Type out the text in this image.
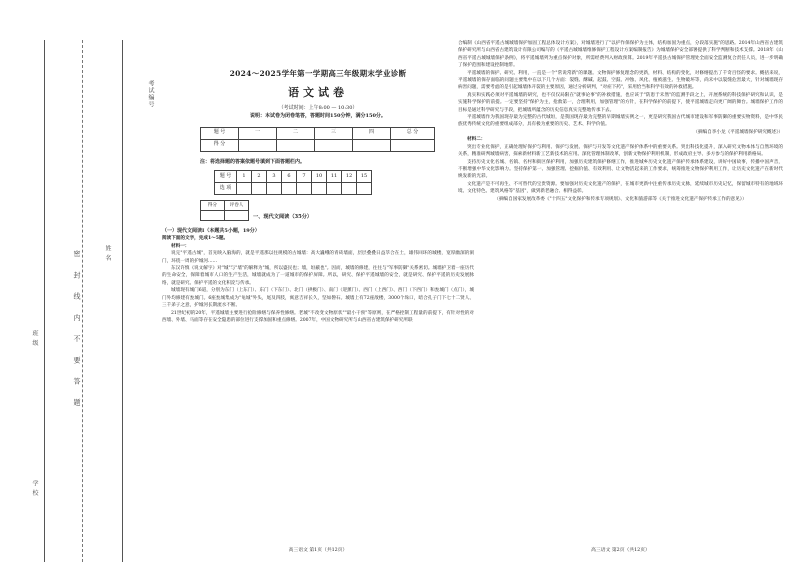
考试编号
密 封 线 内 不 要 答 题	姓 名
班 级
学 校
2024～2025学年第一学期高三年级期末学业诊断
语文试卷
（考试时间：上午8:00 — 10:30）
说明：本试卷为闭卷笔答，答题时间150分钟，满分150分。
题 号	一	二	三	四	总 分
得 分					
注：将选择题的答案依题号填到下面答题栏内。
题 号	1	2	3	6	7	10	11	12	15
选 项									
得分	评卷人

一、现代文阅读（35分）
（一）现代文阅读Ⅰ（本题共5小题，19分）
阅读下面的文字，完成1～5题。
材料一：

说完"平遥古城"，首先映入脑海的，就是平遥那以往规模的古城墙：高大巍峨的青砖墙面，层层叠叠日益萃合在土，雄伟回环的城楼，宽厚幽深的洞门，环绕一周的护城河……

东汉许慎《说文解字》对"城"与"墙"的解释为"城，所以盛民也；墙，垣蔽也"。因而，城墙的修建，往往与"军事防御"关系密切。城墙护卫着一座历代的生命安全，保障着城市人口的生产生活，城墙就成为了一道城市的保护屏障。所以，研究、保护平遥城墙的安全，就是研究、保护平遥的历史发展脉络，就是研究、保护平遥的文化积淀与传承。

城墙现有城门6道，分别为东门（上东门）、东门（下东门）、北门（拱极门）、南门（迎薰门）、西门（上西门）、西门（下西门）和瓮城门（点门），城门外均修建有瓮城门。6座瓮城集成为"龟城"外头，尾及四肢，寓意吉祥长久，坚如磐石。城墙上有72座敌楼，3000个垛口，暗合孔子门下七十二贤人、三千弟子之意，护城河长期流水不断。

21世纪初的20年，平遥城墙主要进行抢险修缮与保养性修缮。老城"不改变文物原状""最小干预"等原则，在严格控制工程量的前提下，有针对性的对西墙、外墙、马面等存在安全隐患的部位进行支撑加固和重点修缮。2007年，中国文物研究所与山西省古建筑保护研究所联

高三语文 第1页（共12页）

合编制《山西省平遥古城城墙保护加固工程总体设计方案》，对城墙进行了"以护作保保护为主体，结构加固为重点，分段落实施"的思路。2014年山西省古建筑保护研究所与山西省古建筑设计有限公司编写的《平遥古城城墙维修保护工程设计方案编制报告》为城墙保护安全部署提供了科学判断和技术支撑。2018年《山西省平遥古城城墙保护条例》，将平遥城墙列为重点保护对象，所需经费列入财政预算。2019年平遥县古城保护管理处全面安全监测复合责任人员，进一步明确了保护范围和建设控制地带。

平遥城墙的保护、研究、利用，一直是一个"常说常新"的课题。文物保护修复理念的更新，材料、结构的变化，对修缮提出了千奇百怪的要求。概括来说，平遥城墙的保存面临的问题主要集中在以下几个方面：裂缝、酥碱、起鼓、空鼓、冲蚀、风化、植被滋生、生物破坏等，尚未中以裂缝危害最大，针对城墙现存病害问题，需要考虑的是引起城墙体开裂的主要原因，通过分析研判，"对症下药"，采用恰当和科学有效的补救措施。

真实和实践必须对平遥城墙的研究，也不仅仅局限在"就事论事"的补救措施，也应该于"防患于未然"的监测手段之上，开展系统的科技保护研究和认识，是实施科学保护的前提。一定要坚持"保护为主，抢救第一，合理利用，加强管理"的方针，在科学保护的前提下，使平遥城墙走向更广阔的舞台。城墙保护工作的目标是通过科学研究与手段，把城墙所蕴含的历史信息真实完整地传承下去。

平遥城墙作为我国现存最为完整的古代城垣，是我国现存最为完整的早期城墙实例之一，更是研究我国古代城市建设和军事防御的重要实物资料，是中华民族优秀传统文化的重要组成部分，具有极为重要的历史、艺术、科学价值。

（摘编自李小龙《平遥城墙保护研究概述》）
材料二：

突出专业化保护，正确处理好保护与利用、保护与发展、保护与开发等文化遗产保护体系中的重要关系。突出科技化提升，深入研究文物本体与自然环境的关系，精准研判城墙病害，探索新材料新工艺新技术的应用。深化管理体制改革，创新文物保护利用机制，形成政府主导、多方参与的保护利用新格局。

支持历史文化名城、名镇、名村和街区保护利用，加强历史建筑保护修缮工作，推进城乡历史文化遗产保护传承体系建设，讲好中国故事，传播中国声音，不断增强中华文化影响力。坚持保护第一、加强管理、挖掘价值、有效利用、让文物活起来的工作要求，统筹推进文物保护利用工作，让历史文化遗产在新时代焕发新的光彩。

文化遗产是不可再生、不可替代的宝贵资源。要加强对历史文化遗产的保护，在城市更新中注重传承历史文脉，延续城市历史记忆，保留城市特有的地域环境、文化特色、建筑风格等"基因"，做到新老融合、相得益彰。

（摘编自国家发展改革委《"十四五"文化保护和传承专项规划》、文化和旅游部等《关于推进文化遗产保护传承工作的意见》）
高三语文 第2页（共12页）
